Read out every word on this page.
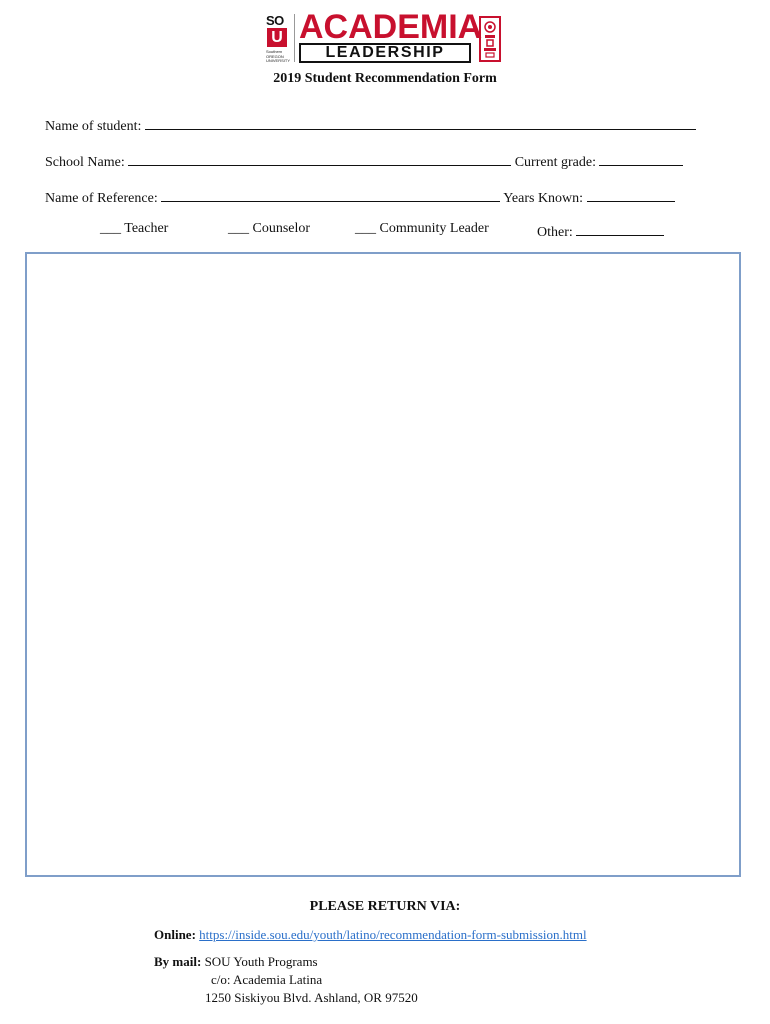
SO
U
Southern OREGON UNIVERSITY
ACADEMIA
LEADERSHIP
2019 Student Recommendation Form
Name of student:
School Name:	Current grade:
Name of Reference:	Years Known:
___ Teacher	___ Counselor	___ Community Leader	Other:
PLEASE RETURN VIA:
Online: https://inside.sou.edu/youth/latino/recommendation-form-submission.html
By mail: SOU Youth Programs
c/o: Academia Latina
1250 Siskiyou Blvd. Ashland, OR 97520
